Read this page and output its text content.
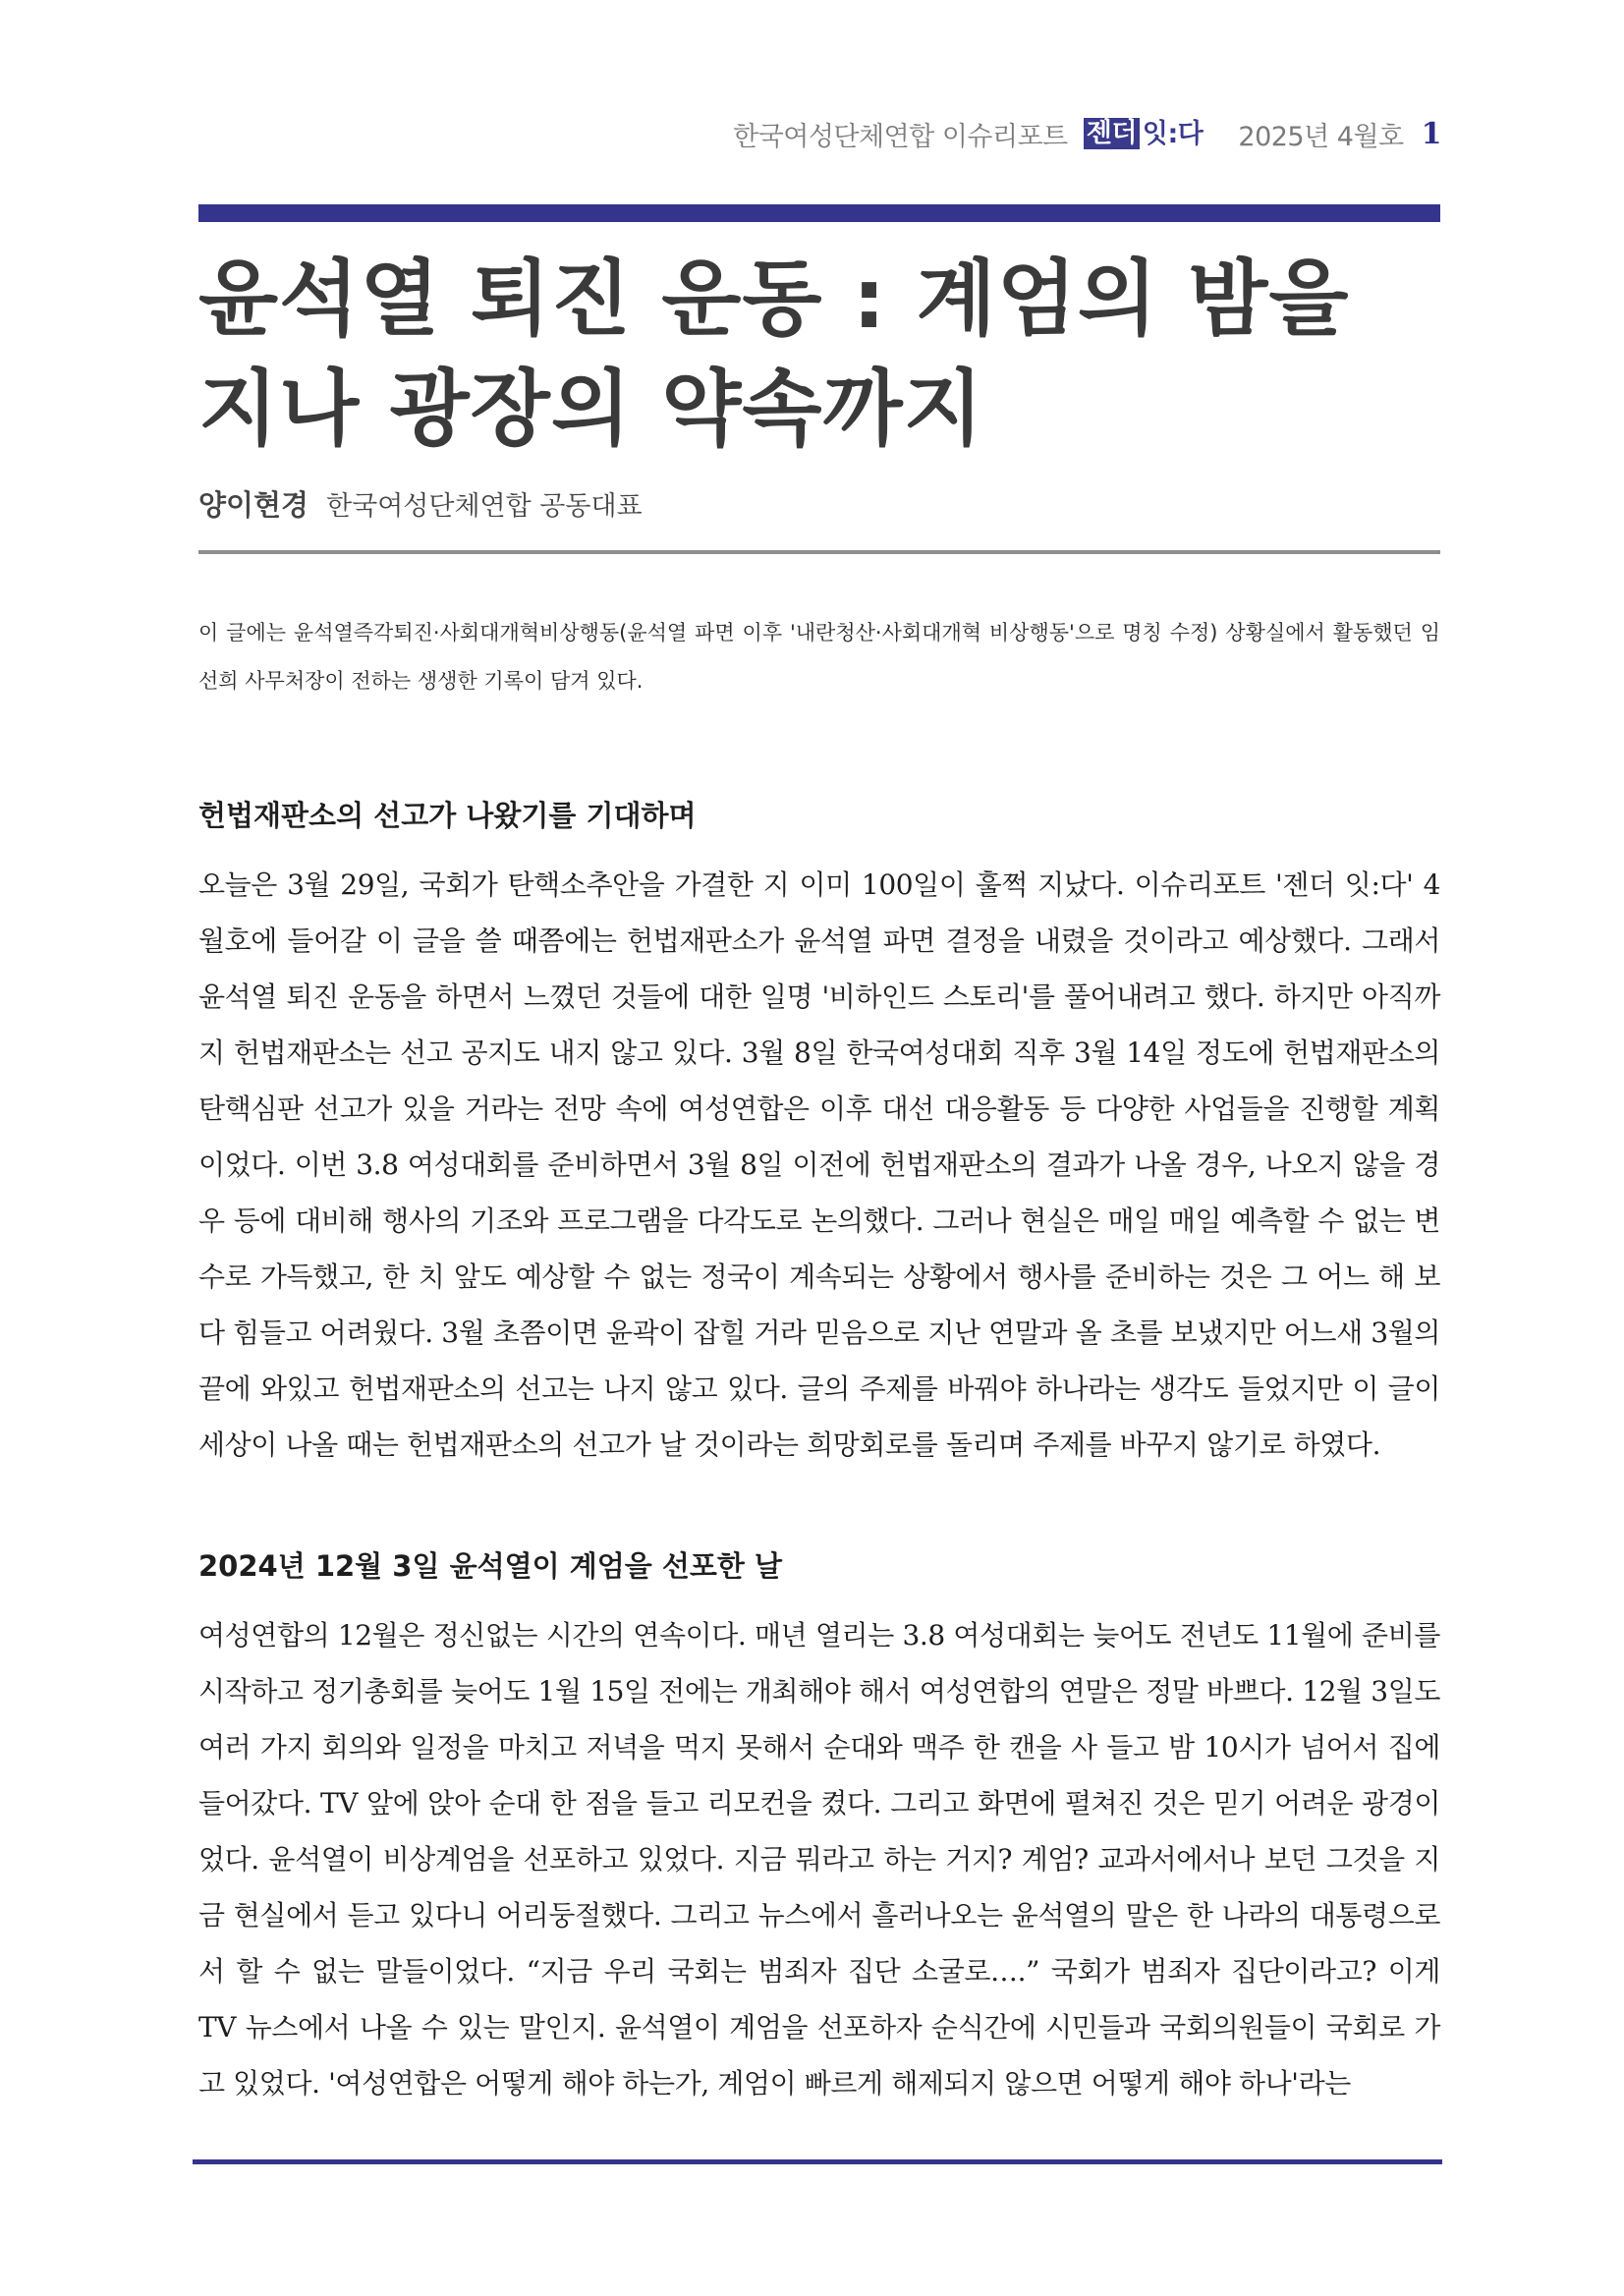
한국여성단체연합 이슈리포트 젠더 잇:다 2025년 4월호 1
윤석열 퇴진 운동 : 계엄의 밤을 지나 광장의 약속까지
양이현경 한국여성단체연합 공동대표

이 글에는 윤석열즉각퇴진·사회대개혁비상행동(윤석열 파면 이후 '내란청산·사회대개혁 비상행동'으로 명칭 수정) 상황실에서 활동했던 임선희 사무처장이 전하는 생생한 기록이 담겨 있다.

헌법재판소의 선고가 나왔기를 기대하며

오늘은 3월 29일, 국회가 탄핵소추안을 가결한 지 이미 100일이 훌쩍 지났다. 이슈리포트 '젠더 잇:다' 4월호에 들어갈 이 글을 쓸 때쯤에는 헌법재판소가 윤석열 파면 결정을 내렸을 것이라고 예상했다. 그래서 윤석열 퇴진 운동을 하면서 느꼈던 것들에 대한 일명 '비하인드 스토리'를 풀어내려고 했다. 하지만 아직까지 헌법재판소는 선고 공지도 내지 않고 있다. 3월 8일 한국여성대회 직후 3월 14일 정도에 헌법재판소의 탄핵심판 선고가 있을 거라는 전망 속에 여성연합은 이후 대선 대응활동 등 다양한 사업들을 진행할 계획이었다. 이번 3.8 여성대회를 준비하면서 3월 8일 이전에 헌법재판소의 결과가 나올 경우, 나오지 않을 경우 등에 대비해 행사의 기조와 프로그램을 다각도로 논의했다. 그러나 현실은 매일 매일 예측할 수 없는 변수로 가득했고, 한 치 앞도 예상할 수 없는 정국이 계속되는 상황에서 행사를 준비하는 것은 그 어느 해 보다 힘들고 어려웠다. 3월 초쯤이면 윤곽이 잡힐 거라 믿음으로 지난 연말과 올 초를 보냈지만 어느새 3월의 끝에 와있고 헌법재판소의 선고는 나지 않고 있다. 글의 주제를 바꿔야 하나라는 생각도 들었지만 이 글이 세상이 나올 때는 헌법재판소의 선고가 날 것이라는 희망회로를 돌리며 주제를 바꾸지 않기로 하였다.

2024년 12월 3일 윤석열이 계엄을 선포한 날

여성연합의 12월은 정신없는 시간의 연속이다. 매년 열리는 3.8 여성대회는 늦어도 전년도 11월에 준비를 시작하고 정기총회를 늦어도 1월 15일 전에는 개최해야 해서 여성연합의 연말은 정말 바쁘다. 12월 3일도 여러 가지 회의와 일정을 마치고 저녁을 먹지 못해서 순대와 맥주 한 캔을 사 들고 밤 10시가 넘어서 집에 들어갔다. TV 앞에 앉아 순대 한 점을 들고 리모컨을 켰다. 그리고 화면에 펼쳐진 것은 믿기 어려운 광경이었다. 윤석열이 비상계엄을 선포하고 있었다. 지금 뭐라고 하는 거지? 계엄? 교과서에서나 보던 그것을 지금 현실에서 듣고 있다니 어리둥절했다. 그리고 뉴스에서 흘러나오는 윤석열의 말은 한 나라의 대통령으로서 할 수 없는 말들이었다. “지금 우리 국회는 범죄자 집단 소굴로….” 국회가 범죄자 집단이라고? 이게 TV 뉴스에서 나올 수 있는 말인지. 윤석열이 계엄을 선포하자 순식간에 시민들과 국회의원들이 국회로 가고 있었다. '여성연합은 어떻게 해야 하는가, 계엄이 빠르게 해제되지 않으면 어떻게 해야 하나'라는
